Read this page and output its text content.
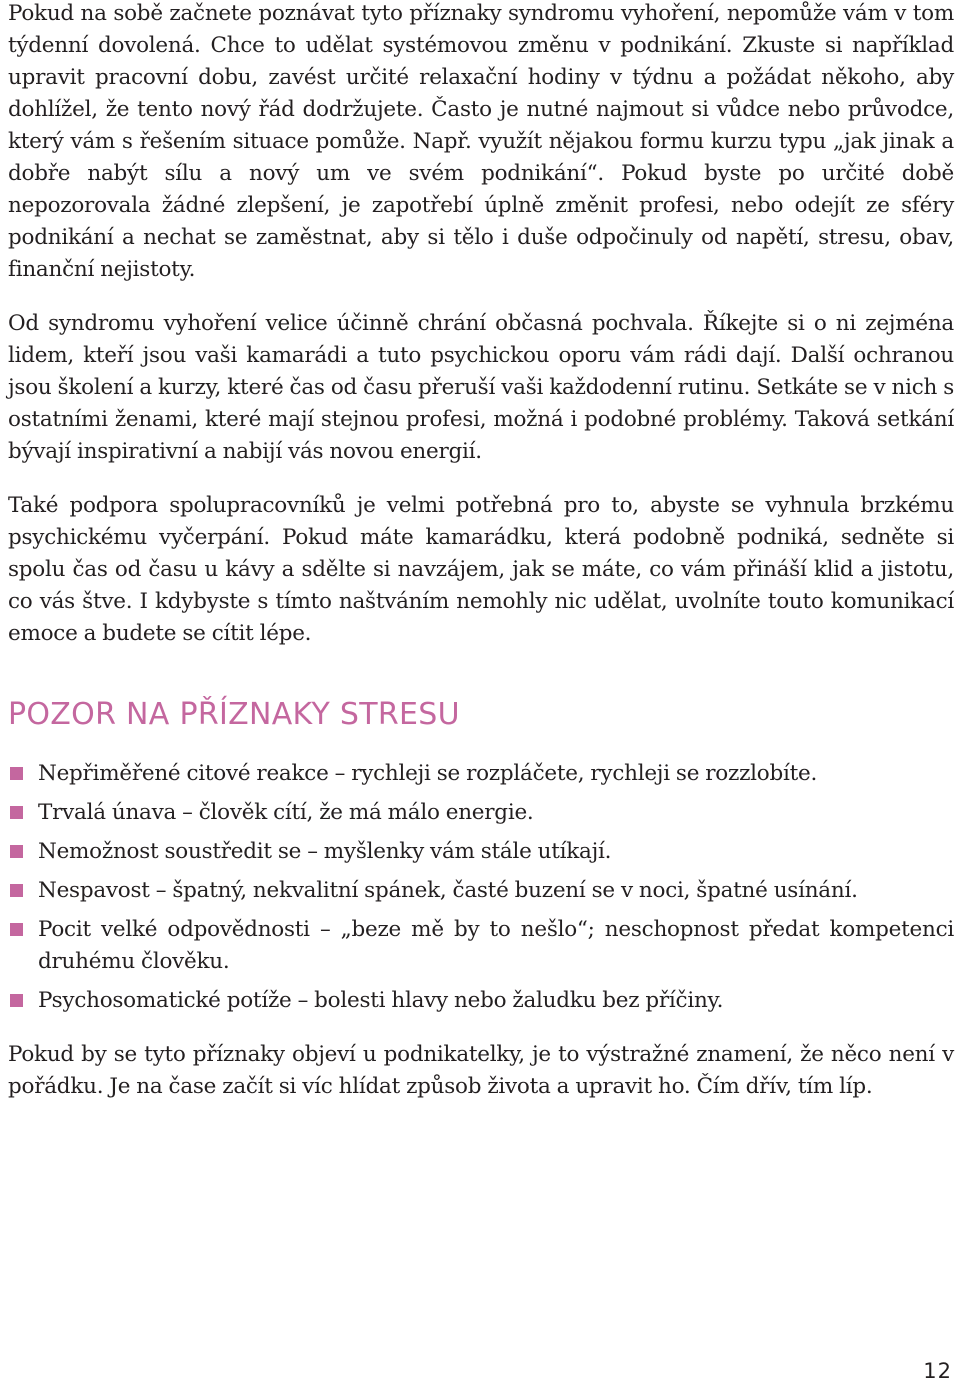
Pokud na sobě začnete poznávat tyto příznaky syndromu vyhoření, nepomůže vám v tom týdenní dovolená. Chce to udělat systémovou změnu v podnikání. Zkuste si například upravit pracovní dobu, zavést určité relaxační hodiny v týdnu a požádat někoho, aby dohlížel, že tento nový řád dodržujete. Často je nutné najmout si vůdce nebo průvodce, který vám s řešením situace pomůže. Např. využít nějakou formu kurzu typu „jak jinak a dobře nabýt sílu a nový um ve svém podnikání“. Pokud byste po určité době nepozorovala žádné zlepšení, je zapotřebí úplně změnit profesi, nebo odejít ze sféry podnikání a nechat se zaměstnat, aby si tělo i duše odpočinuly od napětí, stresu, obav, finanční nejistoty.

Od syndromu vyhoření velice účinně chrání občasná pochvala. Říkejte si o ni zejména lidem, kteří jsou vaši kamarádi a tuto psychickou oporu vám rádi dají. Další ochranou jsou školení a kurzy, které čas od času přeruší vaši každodenní rutinu. Setkáte se v nich s ostatními ženami, které mají stejnou profesi, možná i podobné problémy. Taková setkání bývají inspirativní a nabijí vás novou energií.

Také podpora spolupracovníků je velmi potřebná pro to, abyste se vyhnula brzkému psychickému vyčerpání. Pokud máte kamarádku, která podobně podniká, sedněte si spolu čas od času u kávy a sdělte si navzájem, jak se máte, co vám přináší klid a jistotu, co vás štve. I kdybyste s tímto naštváním nemohly nic udělat, uvolníte touto komunikací emoce a budete se cítit lépe.

POZOR NA PŘÍZNAKY STRESU
Nepřiměřené citové reakce – rychleji se rozpláčete, rychleji se rozzlobíte.
Trvalá únava – člověk cítí, že má málo energie.
Nemožnost soustředit se – myšlenky vám stále utíkají.
Nespavost – špatný, nekvalitní spánek, časté buzení se v noci, špatné usínání.
Pocit velké odpovědnosti – „beze mě by to nešlo“; neschopnost předat kompetenci druhému člověku.
Psychosomatické potíže – bolesti hlavy nebo žaludku bez příčiny.

Pokud by se tyto příznaky objeví u podnikatelky, je to výstražné znamení, že něco není v pořádku. Je na čase začít si víc hlídat způsob života a upravit ho. Čím dřív, tím líp.

12
